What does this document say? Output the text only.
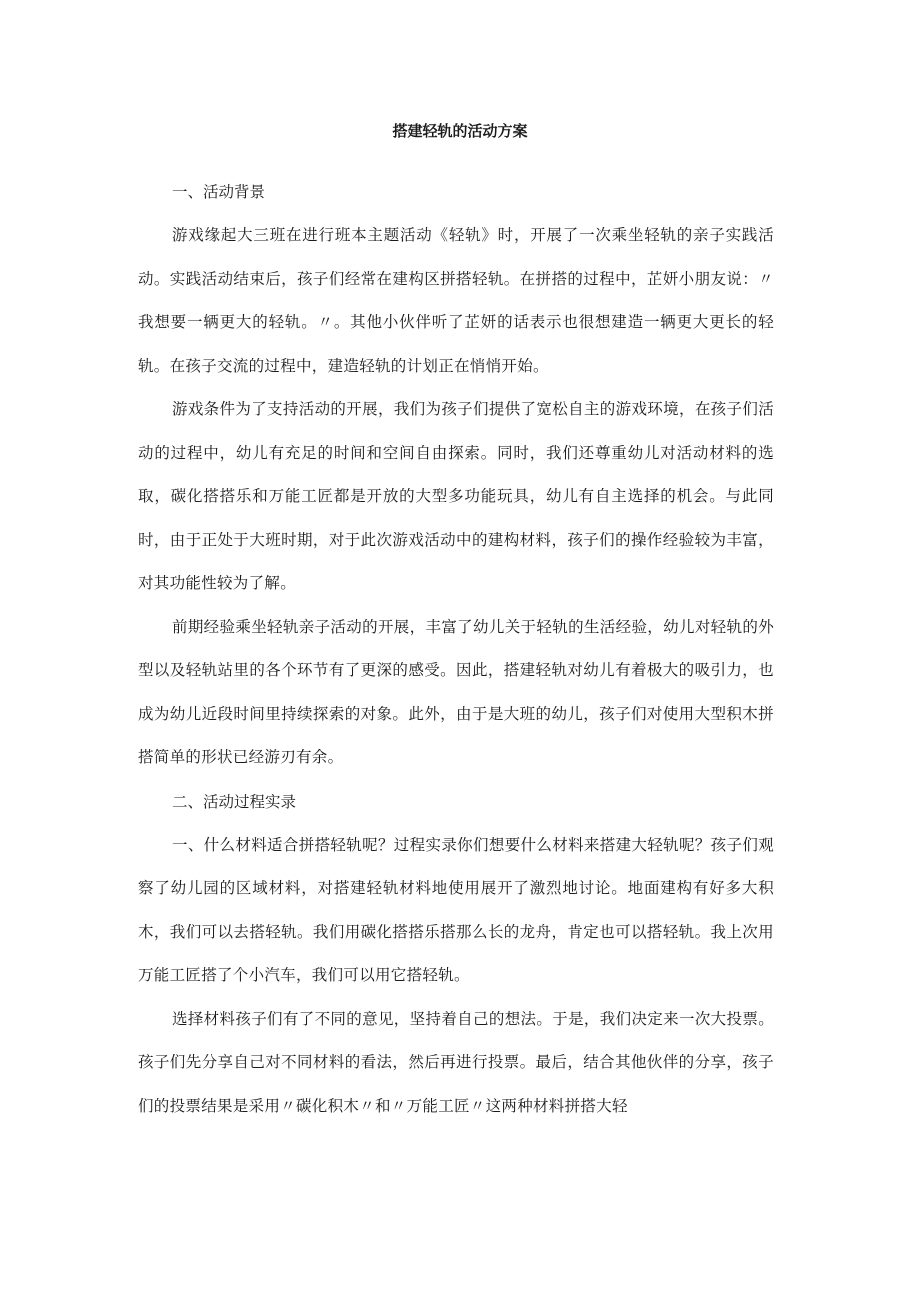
搭建轻轨的活动方案

一、活动背景

游戏缘起大三班在进行班本主题活动《轻轨》时，开展了一次乘坐轻轨的亲子实践活动。实践活动结束后，孩子们经常在建构区拼搭轻轨。在拼搭的过程中，芷妍小朋友说：〃我想要一辆更大的轻轨。〃。其他小伙伴听了芷妍的话表示也很想建造一辆更大更长的轻轨。在孩子交流的过程中，建造轻轨的计划正在悄悄开始。

游戏条件为了支持活动的开展，我们为孩子们提供了宽松自主的游戏环境，在孩子们活动的过程中，幼儿有充足的时间和空间自由探索。同时，我们还尊重幼儿对活动材料的选取，碳化搭搭乐和万能工匠都是开放的大型多功能玩具，幼儿有自主选择的机会。与此同时，由于正处于大班时期，对于此次游戏活动中的建构材料，孩子们的操作经验较为丰富，对其功能性较为了解。

前期经验乘坐轻轨亲子活动的开展，丰富了幼儿关于轻轨的生活经验，幼儿对轻轨的外型以及轻轨站里的各个环节有了更深的感受。因此，搭建轻轨对幼儿有着极大的吸引力，也成为幼儿近段时间里持续探索的对象。此外，由于是大班的幼儿，孩子们对使用大型积木拼搭简单的形状已经游刃有余。

二、活动过程实录

一、什么材料适合拼搭轻轨呢？过程实录你们想要什么材料来搭建大轻轨呢？孩子们观察了幼儿园的区域材料，对搭建轻轨材料地使用展开了激烈地讨论。地面建构有好多大积木，我们可以去搭轻轨。我们用碳化搭搭乐搭那么长的龙舟，肯定也可以搭轻轨。我上次用万能工匠搭了个小汽车，我们可以用它搭轻轨。

选择材料孩子们有了不同的意见，坚持着自己的想法。于是，我们决定来一次大投票。孩子们先分享自己对不同材料的看法，然后再进行投票。最后，结合其他伙伴的分享，孩子们的投票结果是采用〃碳化积木〃和〃万能工匠〃这两种材料拼搭大轻
